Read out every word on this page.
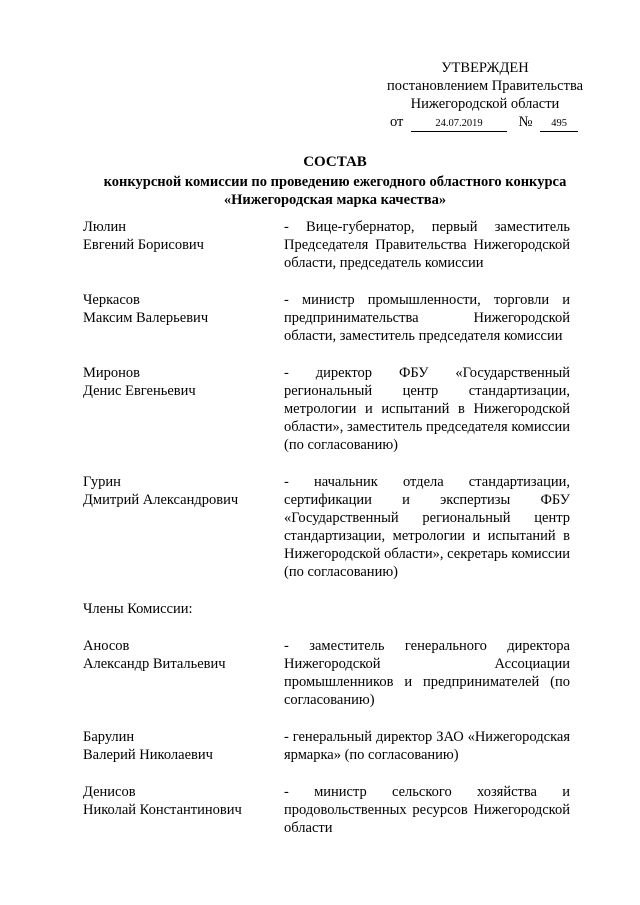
УТВЕРЖДЕН
постановлением Правительства
Нижегородской области
от	24.07.2019 № 495
СОСТАВ
конкурсной комиссии по проведению ежегодного областного конкурса
«Нижегородская марка качества»
Люлин
Евгений Борисович
- Вице-губернатор, первый заместитель Председателя Правительства Нижегородской области, председатель комиссии
Черкасов
Максим Валерьевич
- министр промышленности, торговли и предпринимательства Нижегородской области, заместитель председателя комиссии
Миронов
Денис Евгеньевич
- директор ФБУ «Государственный региональный центр стандартизации, метрологии и испытаний в Нижегородской области», заместитель председателя комиссии (по согласованию)
Гурин
Дмитрий Александрович
- начальник отдела стандартизации, сертификации и экспертизы ФБУ «Государственный региональный центр стандартизации, метрологии и испытаний в Нижегородской области», секретарь комиссии (по согласованию)
Члены Комиссии:
Аносов
Александр Витальевич
- заместитель генерального директора Нижегородской Ассоциации промышленников и предпринимателей (по согласованию)
Барулин
Валерий Николаевич
- генеральный директор ЗАО «Нижегородская ярмарка» (по согласованию)
Денисов
Николай Константинович
- министр сельского хозяйства и продовольственных ресурсов Нижегородской области
